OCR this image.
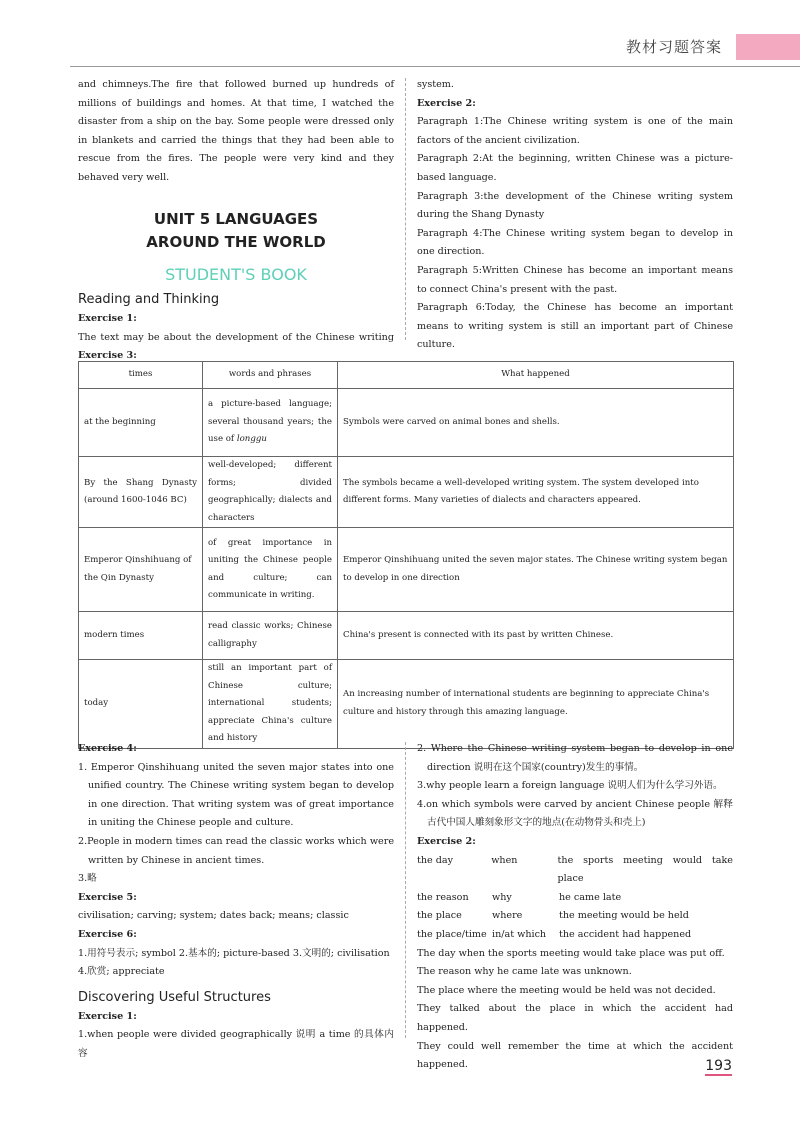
教材习题答案

and chimneys.The fire that followed burned up hundreds of millions of buildings and homes. At that time, I watched the disaster from a ship on the bay. Some people were dressed only in blankets and carried the things that they had been able to rescue from the fires. The people were very kind and they behaved very well.

UNIT 5 LANGUAGES
AROUND THE WORLD
STUDENT'S BOOK
Reading and Thinking

Exercise 1:

The text may be about the development of the Chinese writing

Exercise 3:

system.

Exercise 2:

Paragraph 1:The Chinese writing system is one of the main factors of the ancient civilization.

Paragraph 2:At the beginning, written Chinese was a picture-based language.

Paragraph 3:the development of the Chinese writing system during the Shang Dynasty

Paragraph 4:The Chinese writing system began to develop in one direction.

Paragraph 5:Written Chinese has become an important means to connect China's present with the past.

Paragraph 6:Today, the Chinese has become an important means to writing system is still an important part of Chinese culture.

times	words and phrases	What happened
at the beginning	a picture-based language; several thousand years; the use of longgu	Symbols were carved on animal bones and shells.
By the Shang Dynasty (around 1600-1046 BC)	well-developed; different forms; divided geographically; dialects and characters	The symbols became a well-developed writing system. The system developed into different forms. Many varieties of dialects and characters appeared.
Emperor Qinshihuang of the Qin Dynasty	of great importance in uniting the Chinese people and culture; can communicate in writing.	Emperor Qinshihuang united the seven major states. The Chinese writing system began to develop in one direction
modern times	read classic works; Chinese calligraphy	China's present is connected with its past by written Chinese.
today	still an important part of Chinese culture; international students; appreciate China's culture and history	An increasing number of international students are beginning to appreciate China's culture and history through this amazing language.

Exercise 4:

1. Emperor Qinshihuang united the seven major states into one unified country. The Chinese writing system began to develop in one direction. That writing system was of great importance in uniting the Chinese people and culture.

2.People in modern times can read the classic works which were written by Chinese in ancient times.

3.略

Exercise 5:

civilisation; carving; system; dates back; means; classic

Exercise 6:

1.用符号表示; symbol 2.基本的; picture-based 3.文明的; civilisation 4.欣赏; appreciate

Discovering Useful Structures

Exercise 1:

1.when people were divided geographically 说明 a time 的具体内容

2. Where the Chinese writing system began to develop in one direction 说明在这个国家(country)发生的事情。

3.why people learn a foreign language 说明人们为什么学习外语。

4.on which symbols were carved by ancient Chinese people 解释古代中国人雕刻象形文字的地点(在动物骨头和壳上)

Exercise 2:

the day	when	the sports meeting would take place
the reason	why	he came late
the place	where	the meeting would be held
the place/time in/at which	the accident had happened

The day when the sports meeting would take place was put off.

The reason why he came late was unknown.

The place where the meeting would be held was not decided.

They talked about the place in which the accident had happened.

They could well remember the time at which the accident happened.	193
